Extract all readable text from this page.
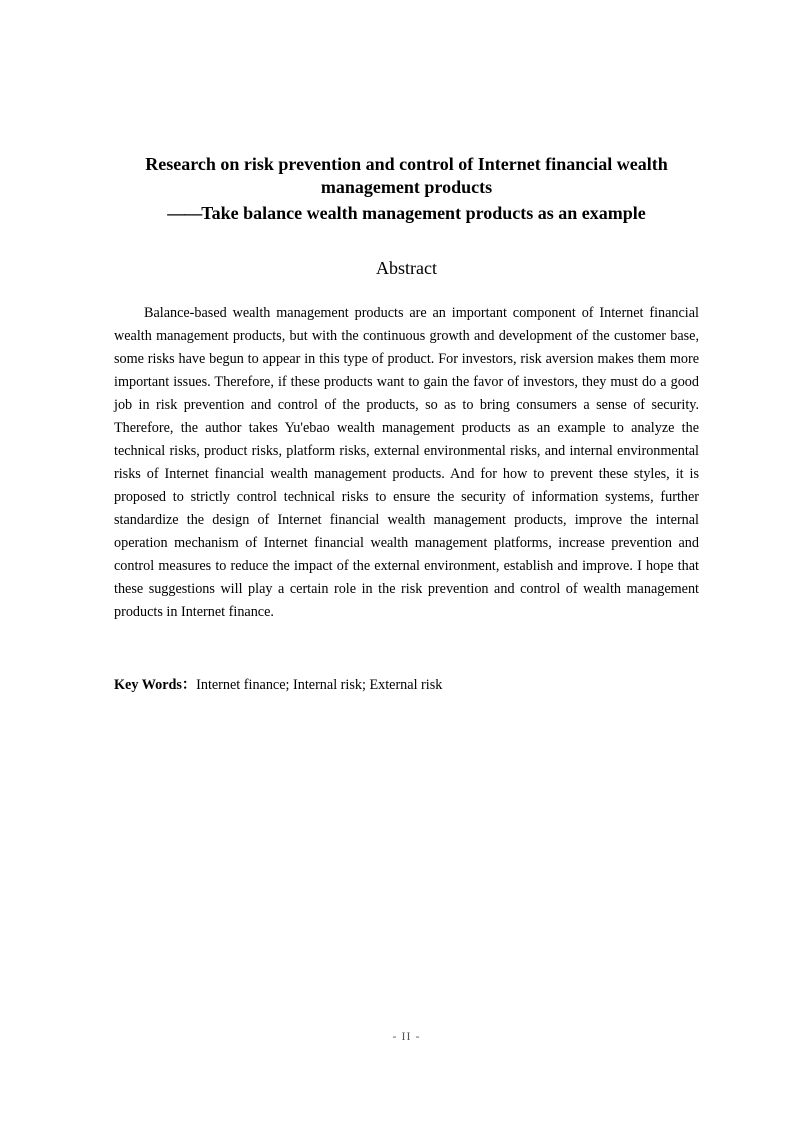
Research on risk prevention and control of Internet financial wealth
management products
——Take balance wealth management products as an example
Abstract

Balance-based wealth management products are an important component of Internet financial wealth management products, but with the continuous growth and development of the customer base, some risks have begun to appear in this type of product. For investors, risk aversion makes them more important issues. Therefore, if these products want to gain the favor of investors, they must do a good job in risk prevention and control of the products, so as to bring consumers a sense of security. Therefore, the author takes Yu'ebao wealth management products as an example to analyze the technical risks, product risks, platform risks, external environmental risks, and internal environmental risks of Internet financial wealth management products. And for how to prevent these styles, it is proposed to strictly control technical risks to ensure the security of information systems, further standardize the design of Internet financial wealth management products, improve the internal operation mechanism of Internet financial wealth management platforms, increase prevention and control measures to reduce the impact of the external environment, establish and improve. I hope that these suggestions will play a certain role in the risk prevention and control of wealth management products in Internet finance.

Key Words：Internet finance; Internal risk; External risk
- II -
